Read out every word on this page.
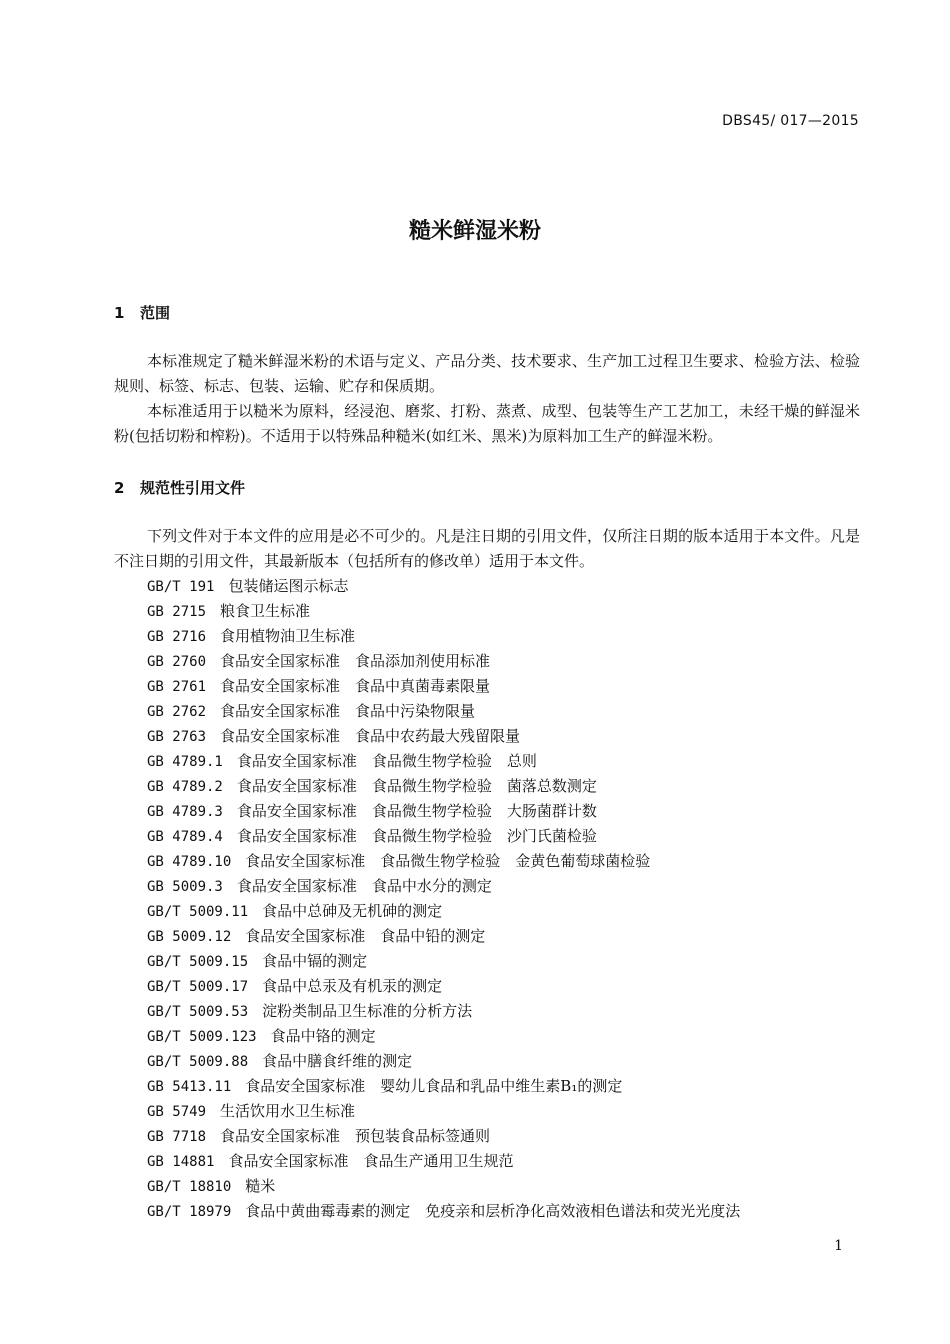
DBS45/ 017—2015
糙米鲜湿米粉
1 范围

本标准规定了糙米鲜湿米粉的术语与定义、产品分类、技术要求、生产加工过程卫生要求、检验方法、检验规则、标签、标志、包装、运输、贮存和保质期。

本标准适用于以糙米为原料，经浸泡、磨浆、打粉、蒸煮、成型、包装等生产工艺加工，未经干燥的鲜湿米粉(包括切粉和榨粉)。不适用于以特殊品种糙米(如红米、黑米)为原料加工生产的鲜湿米粉。

2 规范性引用文件

下列文件对于本文件的应用是必不可少的。凡是注日期的引用文件，仅所注日期的版本适用于本文件。凡是不注日期的引用文件，其最新版本（包括所有的修改单）适用于本文件。

GB/T 191 包装储运图示标志
GB 2715 粮食卫生标准
GB 2716 食用植物油卫生标准
GB 2760 食品安全国家标准　食品添加剂使用标准
GB 2761 食品安全国家标准　食品中真菌毒素限量
GB 2762 食品安全国家标准　食品中污染物限量
GB 2763 食品安全国家标准　食品中农药最大残留限量
GB 4789.1 食品安全国家标准　食品微生物学检验　总则
GB 4789.2 食品安全国家标准　食品微生物学检验　菌落总数测定
GB 4789.3 食品安全国家标准　食品微生物学检验　大肠菌群计数
GB 4789.4 食品安全国家标准　食品微生物学检验　沙门氏菌检验
GB 4789.10 食品安全国家标准　食品微生物学检验　金黄色葡萄球菌检验
GB 5009.3 食品安全国家标准　食品中水分的测定
GB/T 5009.11 食品中总砷及无机砷的测定
GB 5009.12 食品安全国家标准　食品中铅的测定
GB/T 5009.15 食品中镉的测定
GB/T 5009.17 食品中总汞及有机汞的测定
GB/T 5009.53 淀粉类制品卫生标准的分析方法
GB/T 5009.123 食品中铬的测定
GB/T 5009.88 食品中膳食纤维的测定
GB 5413.11 食品安全国家标准　婴幼儿食品和乳品中维生素B₁的测定
GB 5749 生活饮用水卫生标准
GB 7718 食品安全国家标准　预包装食品标签通则
GB 14881 食品安全国家标准　食品生产通用卫生规范
GB/T 18810 糙米
GB/T 18979 食品中黄曲霉毒素的测定　免疫亲和层析净化高效液相色谱法和荧光光度法
1
